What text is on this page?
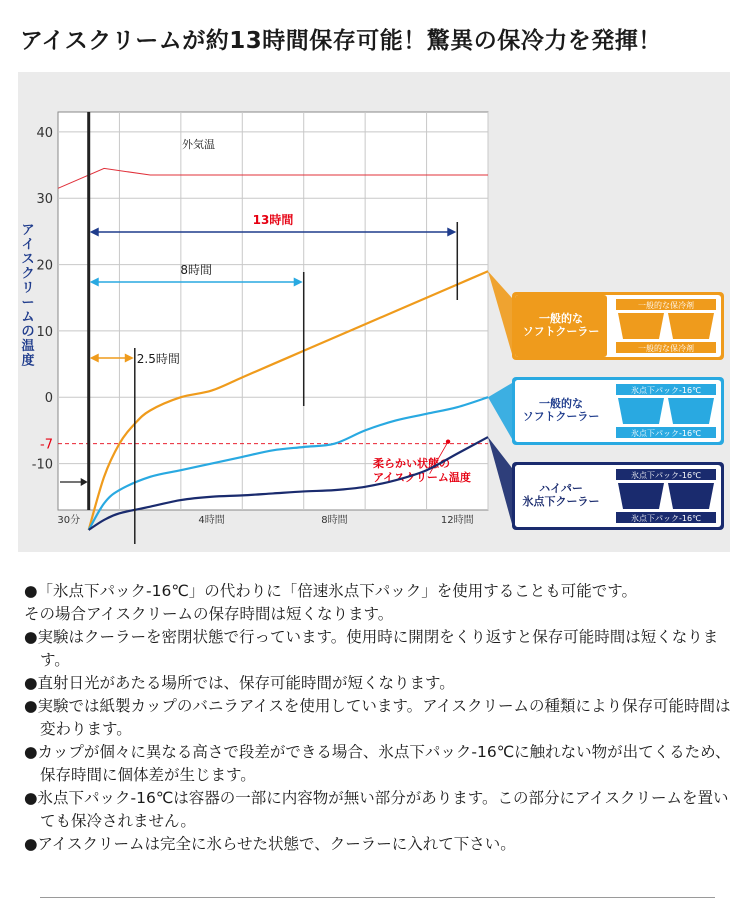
アイスクリームが約13時間保存可能！驚異の保冷力を発揮！
アイスクリームの温度
40
30
20
10
0
-7
-10
30分	4時間	8時間	12時間
外気温
柔らかい状態のアイスクリーム温度
13時間
8時間
2.5時間
一般的なソフトクーラー
一般的な保冷剤
一般的な保冷剤
一般的なソフトクーラー
氷点下パック-16℃
氷点下パック-16℃
ハイパー氷点下クーラー
氷点下パック-16℃
氷点下パック-16℃

●「氷点下パック-16℃」の代わりに「倍速氷点下パック」を使用することも可能です。

その場合アイスクリームの保存時間は短くなります。

●実験はクーラーを密閉状態で行っています。使用時に開閉をくり返すと保存可能時間は短くなります。

●直射日光があたる場所では、保存可能時間が短くなります。

●実験では紙製カップのバニラアイスを使用しています。アイスクリームの種類により保存可能時間は変わります。

●カップが個々に異なる高さで段差ができる場合、氷点下パック-16℃に触れない物が出てくるため、保存時間に個体差が生じます。

●氷点下パック-16℃は容器の一部に内容物が無い部分があります。この部分にアイスクリームを置いても保冷されません。

●アイスクリームは完全に氷らせた状態で、クーラーに入れて下さい。
